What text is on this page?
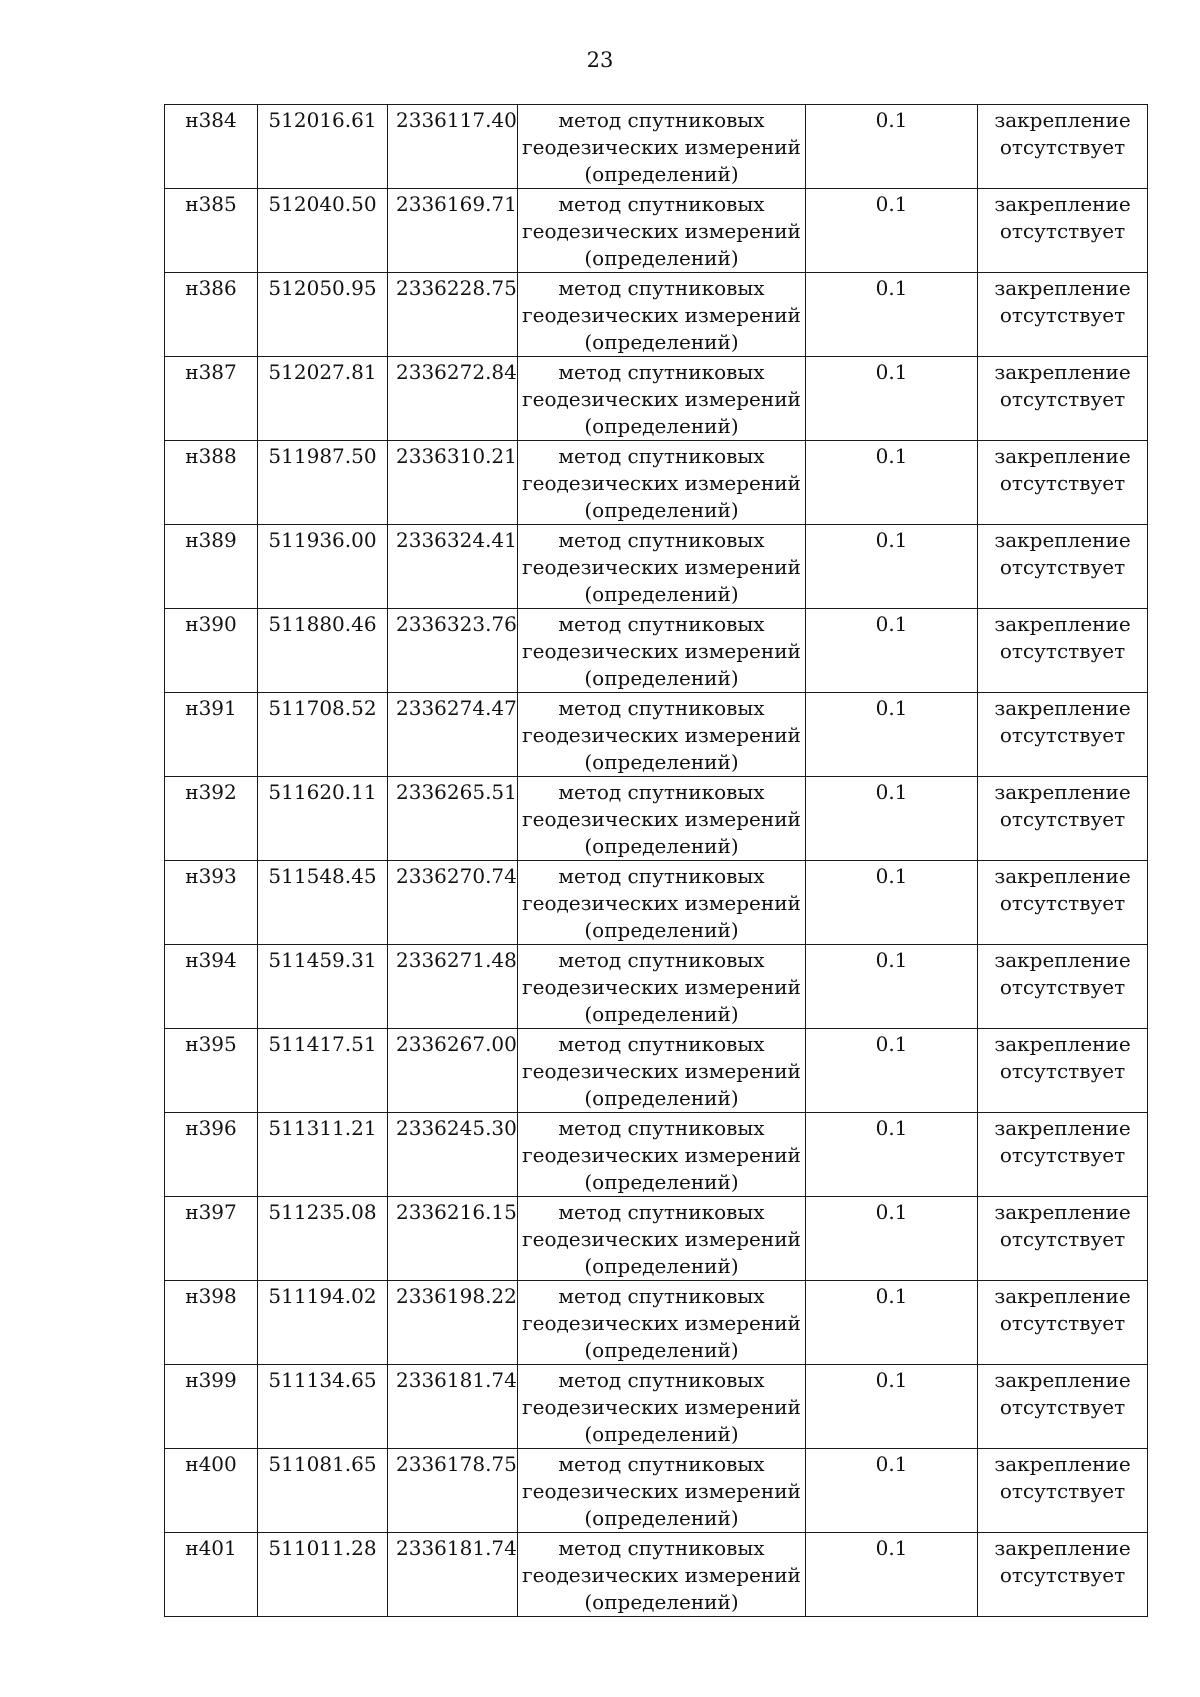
23
н384	512016.61	2336117.40	метод спутниковых
геодезических измерений
(определений)	0.1	закрепление
отсутствует

н385	512040.50	2336169.71	метод спутниковых
геодезических измерений
(определений)	0.1	закрепление
отсутствует

н386	512050.95	2336228.75	метод спутниковых
геодезических измерений
(определений)	0.1	закрепление
отсутствует

н387	512027.81	2336272.84	метод спутниковых
геодезических измерений
(определений)	0.1	закрепление
отсутствует

н388	511987.50	2336310.21	метод спутниковых
геодезических измерений
(определений)	0.1	закрепление
отсутствует

н389	511936.00	2336324.41	метод спутниковых
геодезических измерений
(определений)	0.1	закрепление
отсутствует

н390	511880.46	2336323.76	метод спутниковых
геодезических измерений
(определений)	0.1	закрепление
отсутствует

н391	511708.52	2336274.47	метод спутниковых
геодезических измерений
(определений)	0.1	закрепление
отсутствует

н392	511620.11	2336265.51	метод спутниковых
геодезических измерений
(определений)	0.1	закрепление
отсутствует

н393	511548.45	2336270.74	метод спутниковых
геодезических измерений
(определений)	0.1	закрепление
отсутствует

н394	511459.31	2336271.48	метод спутниковых
геодезических измерений
(определений)	0.1	закрепление
отсутствует

н395	511417.51	2336267.00	метод спутниковых
геодезических измерений
(определений)	0.1	закрепление
отсутствует

н396	511311.21	2336245.30	метод спутниковых
геодезических измерений
(определений)	0.1	закрепление
отсутствует

н397	511235.08	2336216.15	метод спутниковых
геодезических измерений
(определений)	0.1	закрепление
отсутствует

н398	511194.02	2336198.22	метод спутниковых
геодезических измерений
(определений)	0.1	закрепление
отсутствует

н399	511134.65	2336181.74	метод спутниковых
геодезических измерений
(определений)	0.1	закрепление
отсутствует

н400	511081.65	2336178.75	метод спутниковых
геодезических измерений
(определений)	0.1	закрепление
отсутствует

н401	511011.28	2336181.74	метод спутниковых
геодезических измерений
(определений)	0.1	закрепление
отсутствует
